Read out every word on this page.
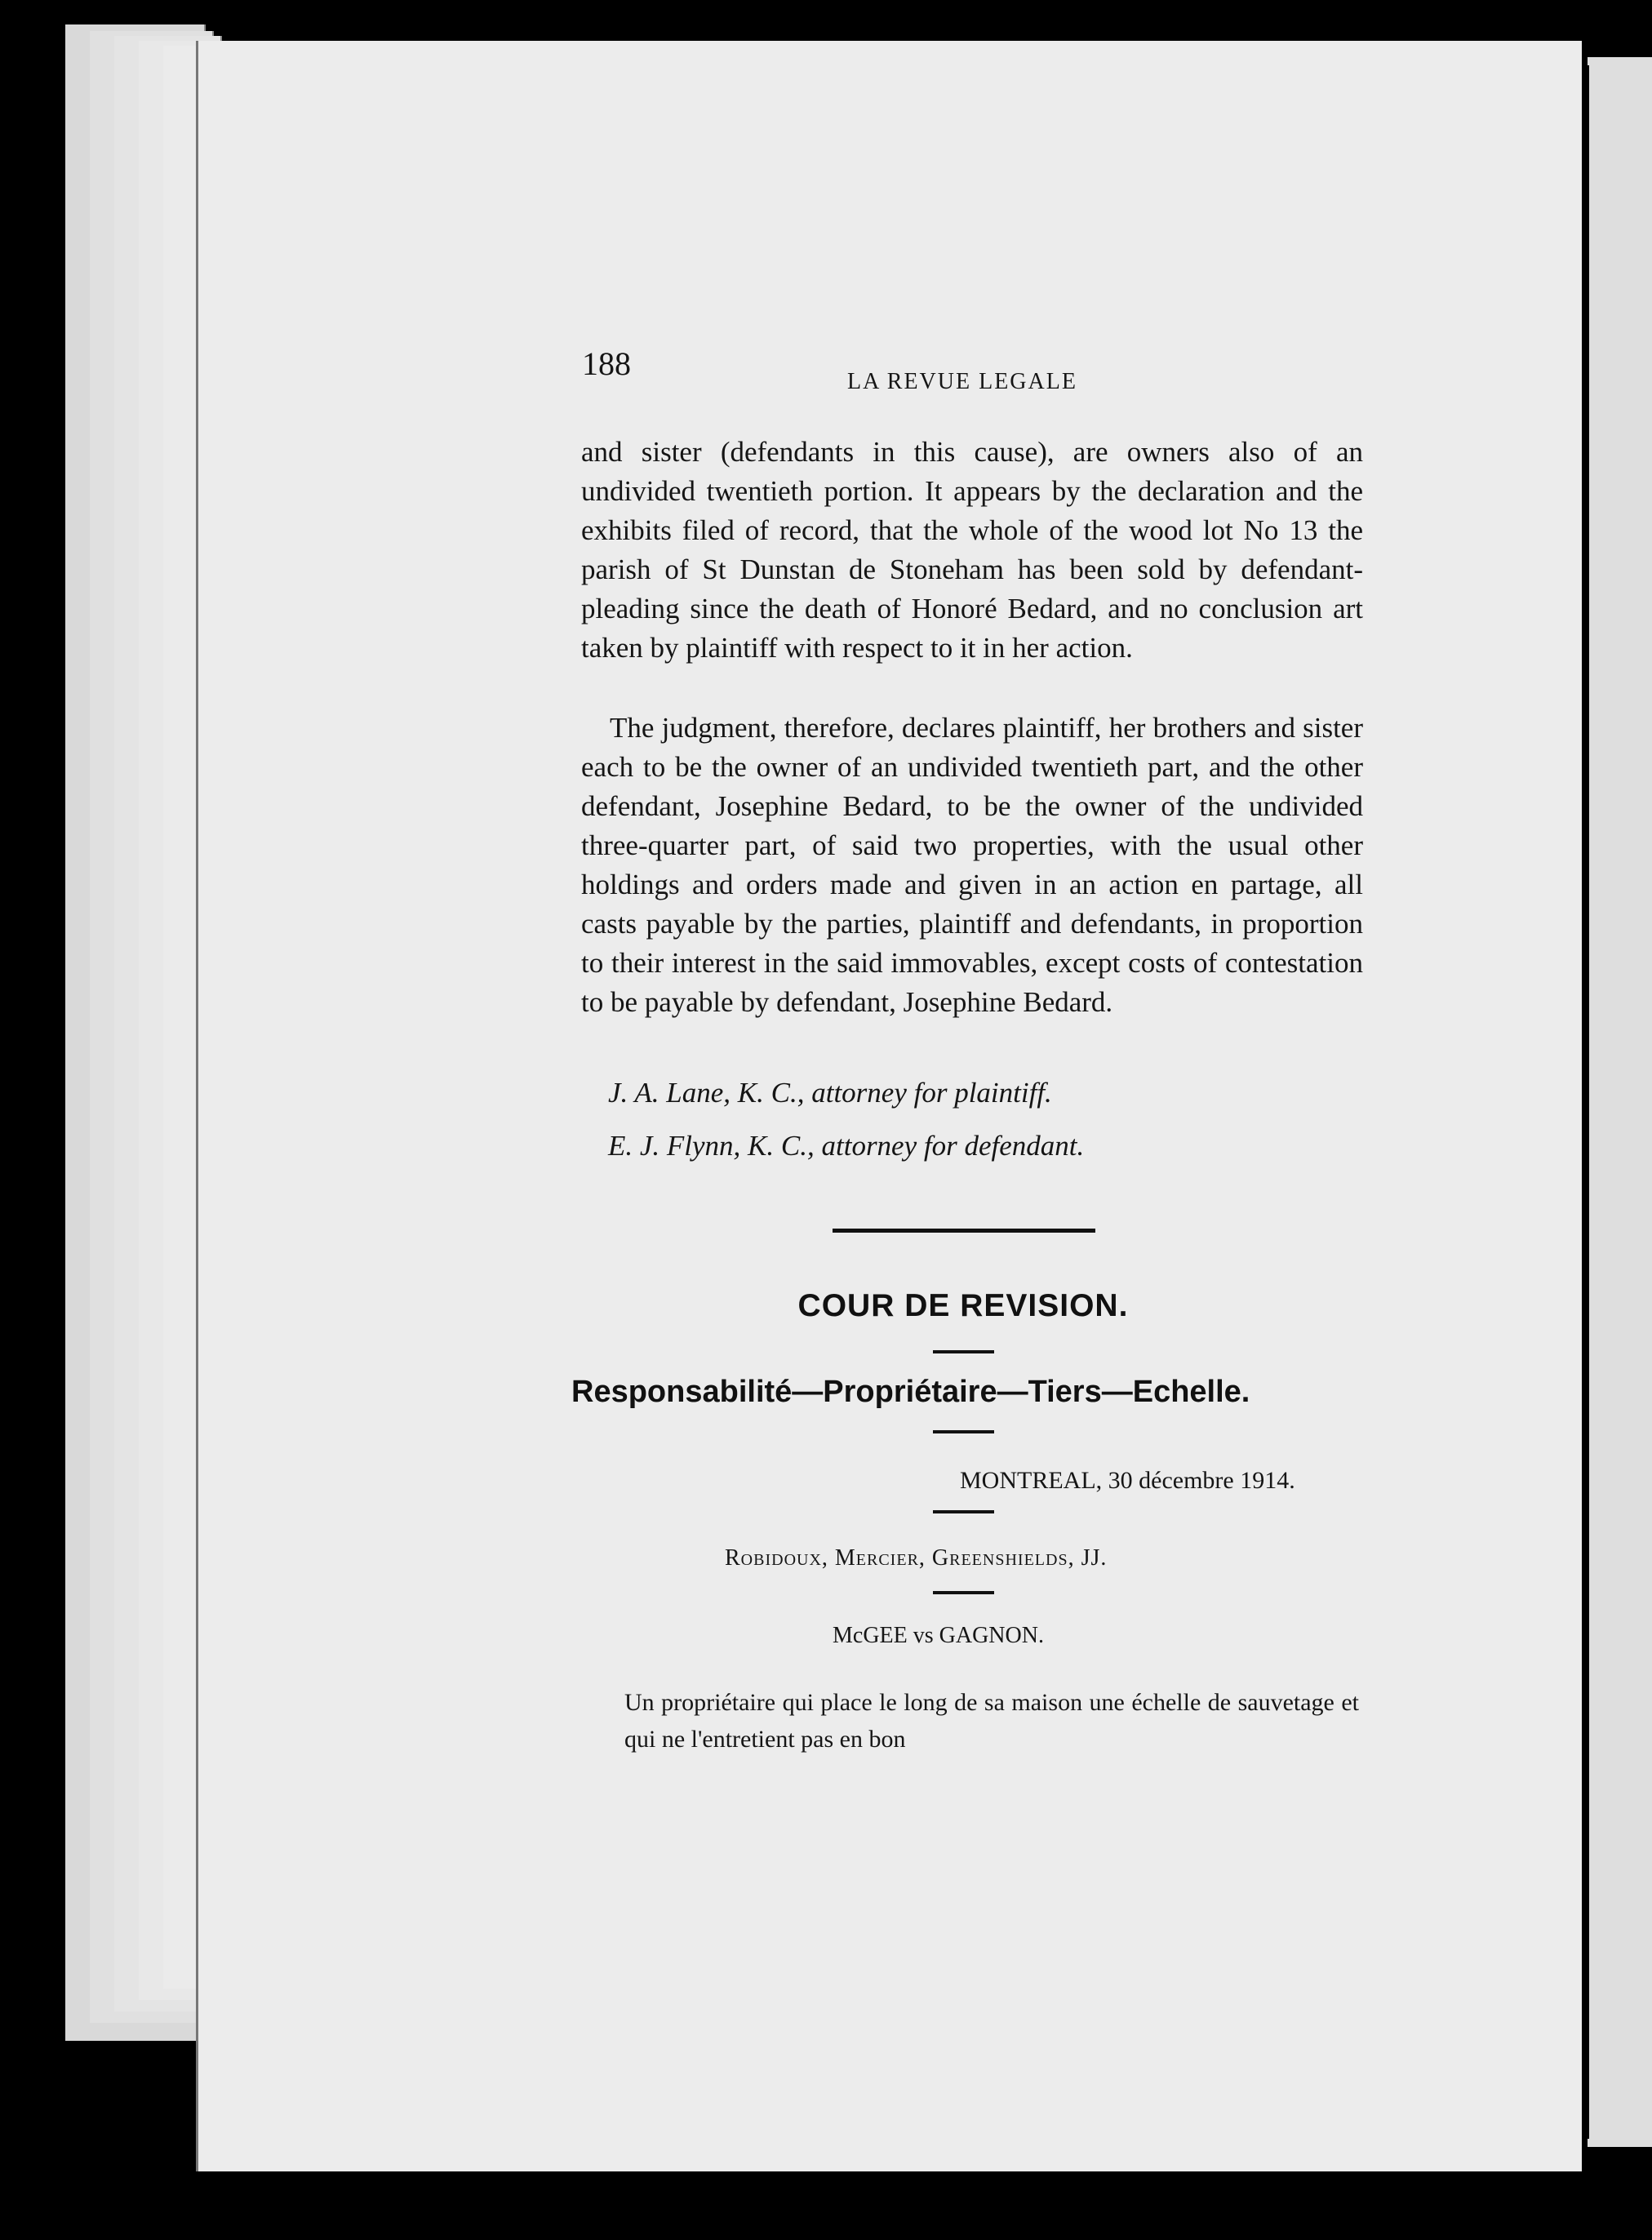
188	LA REVUE LEGALE
and sister (defendants in this cause), are owners also of an undivided twentieth portion. It appears by the declaration and the exhibits filed of record, that the whole of the wood lot No 13 the parish of St Dunstan de Stoneham has been sold by defendant-pleading since the death of Honoré Bedard, and no conclusion art taken by plaintiff with respect to it in her action.
The judgment, therefore, declares plaintiff, her brothers and sister each to be the owner of an undivided twentieth part, and the other defendant, Josephine Bedard, to be the owner of the undivided three-quarter part, of said two properties, with the usual other holdings and orders made and given in an action en partage, all casts payable by the parties, plaintiff and defendants, in proportion to their interest in the said immovables, except costs of contestation to be payable by defendant, Josephine Bedard.
J. A. Lane, K. C., attorney for plaintiff.
E. J. Flynn, K. C., attorney for defendant.
COUR DE REVISION.
Responsabilité—Propriétaire—Tiers—Echelle.
MONTREAL, 30 décembre 1914.
Robidoux, Mercier, Greenshields, JJ.
McGEE vs GAGNON.
Un propriétaire qui place le long de sa maison une échelle de sauvetage et qui ne l'entretient pas en bon
